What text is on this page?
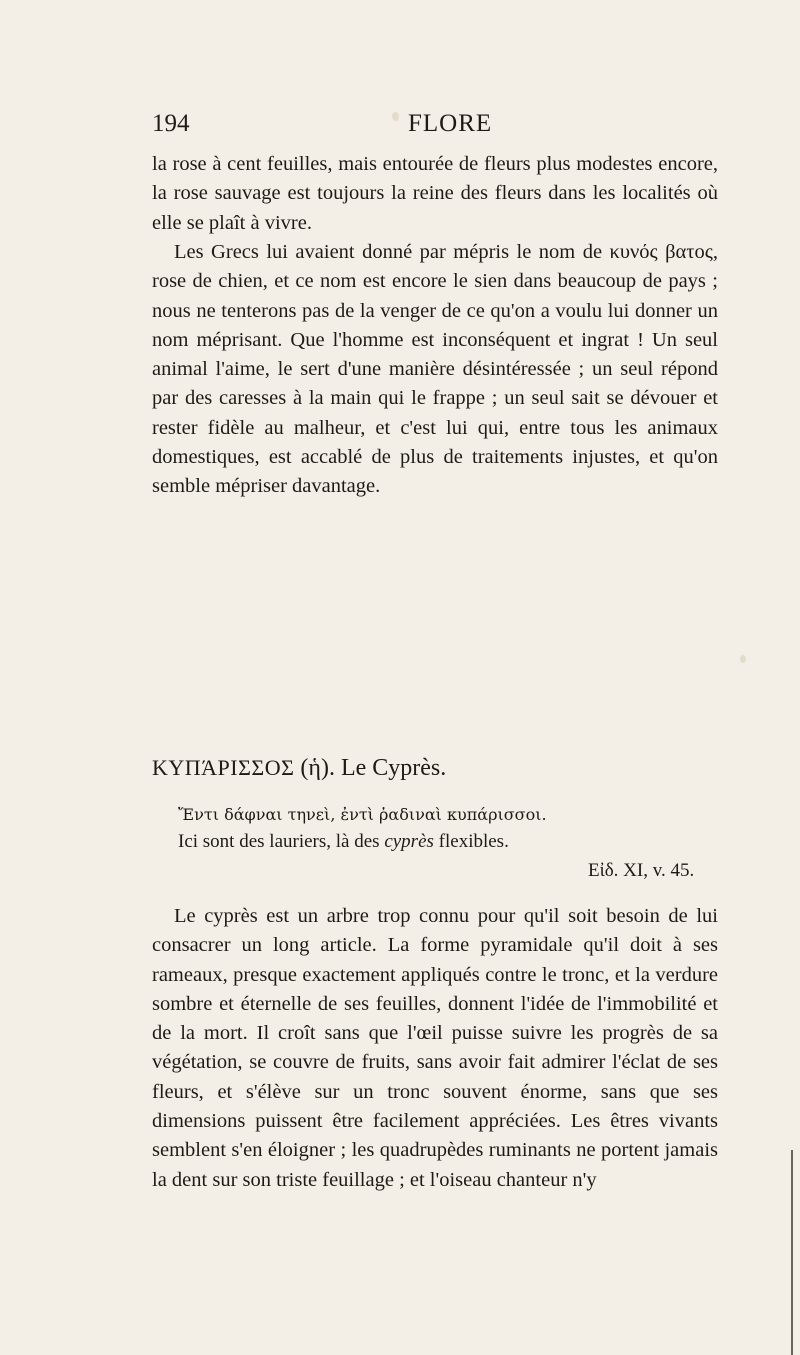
194	FLORE

la rose à cent feuilles, mais entourée de fleurs plus modestes encore, la rose sauvage est toujours la reine des fleurs dans les localités où elle se plaît à vivre.

Les Grecs lui avaient donné par mépris le nom de κυνός βατος, rose de chien, et ce nom est encore le sien dans beaucoup de pays ; nous ne tenterons pas de la venger de ce qu'on a voulu lui donner un nom méprisant. Que l'homme est inconséquent et ingrat ! Un seul animal l'aime, le sert d'une manière désintéressée ; un seul répond par des caresses à la main qui le frappe ; un seul sait se dévouer et rester fidèle au malheur, et c'est lui qui, entre tous les animaux domestiques, est accablé de plus de traitements injustes, et qu'on semble mépriser davantage.

ΚΥΠΆΡΙΣΣΟΣ (ἡ). Le Cyprès.
Ἔντι δάφναι τηνεὶ, ἐντὶ ῥαδιναὶ κυπάρισσοι.
Ici sont des lauriers, là des cyprès flexibles.
Εἰδ. XI, v. 45.

Le cyprès est un arbre trop connu pour qu'il soit besoin de lui consacrer un long article. La forme pyramidale qu'il doit à ses rameaux, presque exactement appliqués contre le tronc, et la verdure sombre et éternelle de ses feuilles, donnent l'idée de l'immobilité et de la mort. Il croît sans que l'œil puisse suivre les progrès de sa végétation, se couvre de fruits, sans avoir fait admirer l'éclat de ses fleurs, et s'élève sur un tronc souvent énorme, sans que ses dimensions puissent être facilement appréciées. Les êtres vivants semblent s'en éloigner ; les quadrupèdes ruminants ne portent jamais la dent sur son triste feuillage ; et l'oiseau chanteur n'y
